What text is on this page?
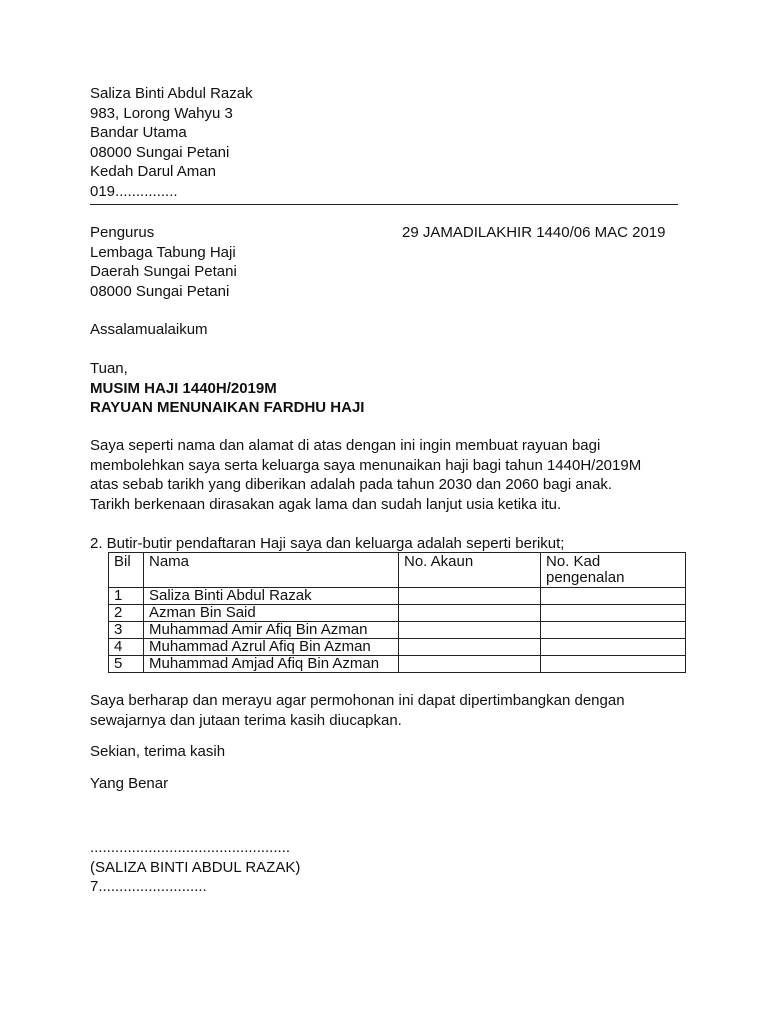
Saliza Binti Abdul Razak
983, Lorong Wahyu 3
Bandar Utama
08000 Sungai Petani
Kedah Darul Aman
019...............
Pengurus
Lembaga Tabung Haji
Daerah Sungai Petani
08000 Sungai Petani
29 JAMADILAKHIR 1440/06 MAC 2019
Assalamualaikum
Tuan,
MUSIM HAJI 1440H/2019M
RAYUAN MENUNAIKAN FARDHU HAJI
Saya seperti nama dan alamat di atas dengan ini ingin membuat rayuan bagi
membolehkan saya serta keluarga saya menunaikan haji bagi tahun 1440H/2019M
atas sebab tarikh yang diberikan adalah pada tahun 2030 dan 2060 bagi anak.
Tarikh berkenaan dirasakan agak lama dan sudah lanjut usia ketika itu.
2. Butir-butir pendaftaran Haji saya dan keluarga adalah seperti berikut;
Bil	Nama	No. Akaun	No. Kad
pengenalan

1	Saliza Binti Abdul Razak		
2	Azman Bin Said		
3	Muhammad Amir Afiq Bin Azman		
4	Muhammad Azrul Afiq Bin Azman		
5	Muhammad Amjad Afiq Bin Azman		
Saya berharap dan merayu agar permohonan ini dapat dipertimbangkan dengan
sewajarnya dan jutaan terima kasih diucapkan.
Sekian, terima kasih
Yang Benar
................................................
(SALIZA BINTI ABDUL RAZAK)
7..........................
